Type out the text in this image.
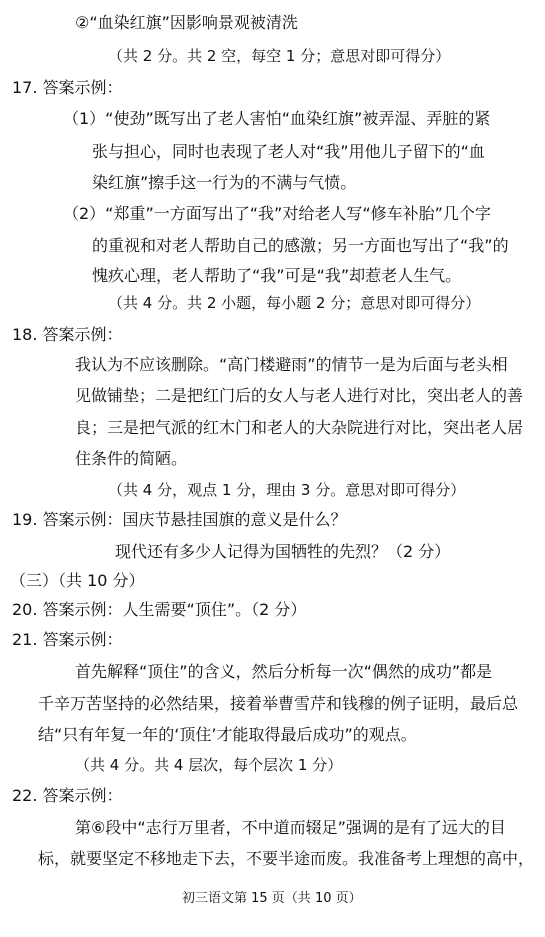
②“血染红旗”因影响景观被清洗
（共 2 分。共 2 空，每空 1 分；意思对即可得分）
17. 答案示例：
（1）“使劲”既写出了老人害怕“血染红旗”被弄湿、弄脏的紧
张与担心，同时也表现了老人对“我”用他儿子留下的“血
染红旗”擦手这一行为的不满与气愤。
（2）“郑重”一方面写出了“我”对给老人写“修车补胎”几个字
的重视和对老人帮助自己的感激；另一方面也写出了“我”的
愧疚心理，老人帮助了“我”可是“我”却惹老人生气。
（共 4 分。共 2 小题，每小题 2 分；意思对即可得分）
18. 答案示例：
我认为不应该删除。“高门楼避雨”的情节一是为后面与老头相
见做铺垫；二是把红门后的女人与老人进行对比，突出老人的善
良；三是把气派的红木门和老人的大杂院进行对比，突出老人居
住条件的简陋。
（共 4 分，观点 1 分，理由 3 分。意思对即可得分）
19. 答案示例：国庆节悬挂国旗的意义是什么？
现代还有多少人记得为国牺牲的先烈？（2 分）
（三）（共 10 分）
20. 答案示例：人生需要“顶住”。（2 分）
21. 答案示例：
首先解释“顶住”的含义，然后分析每一次“偶然的成功”都是
千辛万苦坚持的必然结果，接着举曹雪芹和钱穆的例子证明，最后总
结“只有年复一年的‘顶住’才能取得最后成功”的观点。
（共 4 分。共 4 层次，每个层次 1 分）
22. 答案示例：
第⑥段中“志行万里者，不中道而辍足”强调的是有了远大的目
标，就要坚定不移地走下去，不要半途而废。我准备考上理想的高中，
初三语文第 15 页（共 10 页）
